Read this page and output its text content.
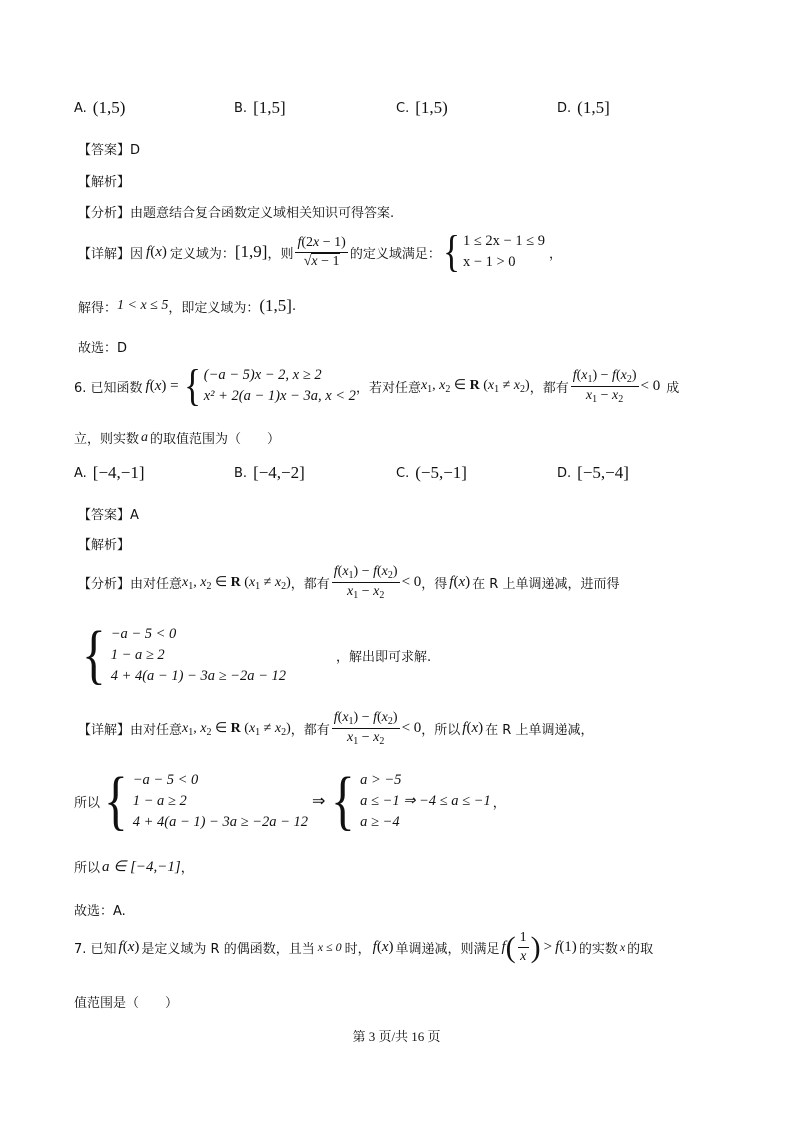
A. (1,5)	B. [1,5]	C. [1,5)	D. (1,5]
【答案】D
【解析】
【分析】由题意结合复合函数定义域相关知识可得答案.
【详解】因 f(x) 定义域为： [1,9] ，则 $\frac{f(2x - 1)}{√x - 1}$ 的定义域满足： { 1 ≤ 2x − 1 ≤ 9
x − 1 > 0	，
解得： 1 < x ≤ 5 ，即定义域为： (1,5] .
故选：D
6. 已知函数 f(x) = { (−a − 5)x − 2, x ≥ 2
x² + 2(a − 1)x − 3a, x < 2 ，若对任意 $x_1$, $x_2$ ∈ R $(x_1 \ne x_2)$ ，都有 $\frac{f(x_1) - f(x_2)}{x_1 - x_2} < 0$ 成
立，则实数 a 的取值范围为（　　）
A. [−4,−1]	B. [−4,−2]	C. (−5,−1]	D. [−5,−4]
【答案】A
【解析】
【分析】由对任意 $x_1$, $x_2$ ∈ R $(x_1 \ne x_2)$ ，都有 $\frac{f(x_1) - f(x_2)}{x_1 - x_2} < 0$ ，得 f(x) 在 R 上单调递减，进而得
{ −a − 5 < 0
1 − a ≥ 2
4 + 4(a − 1) − 3a ≥ −2a − 12
，解出即可求解.
【详解】由对任意 $x_1$, $x_2$ ∈ R $(x_1 \ne x_2)$ ，都有 $\frac{f(x_1) - f(x_2)}{x_1 - x_2} < 0$ ，所以 f(x) 在 R 上单调递减，
所以 { −a − 5 < 0
1 − a ≥ 2
4 + 4(a − 1) − 3a ≥ −2a − 12
⇒ { a > −5
a ≤ −1 ⇒ −4 ≤ a ≤ −1
a ≥ −4
，
所以 a ∈ [−4,−1] ，
故选：A.
7. 已知 f(x) 是定义域为 R 的偶函数，且当 x ≤ 0 时， f(x) 单调递减，则满足 f ( $\frac{1}{x}$ ) > f (1) 的实数 x 的取
值范围是（　　）
第 3 页/共 16 页
